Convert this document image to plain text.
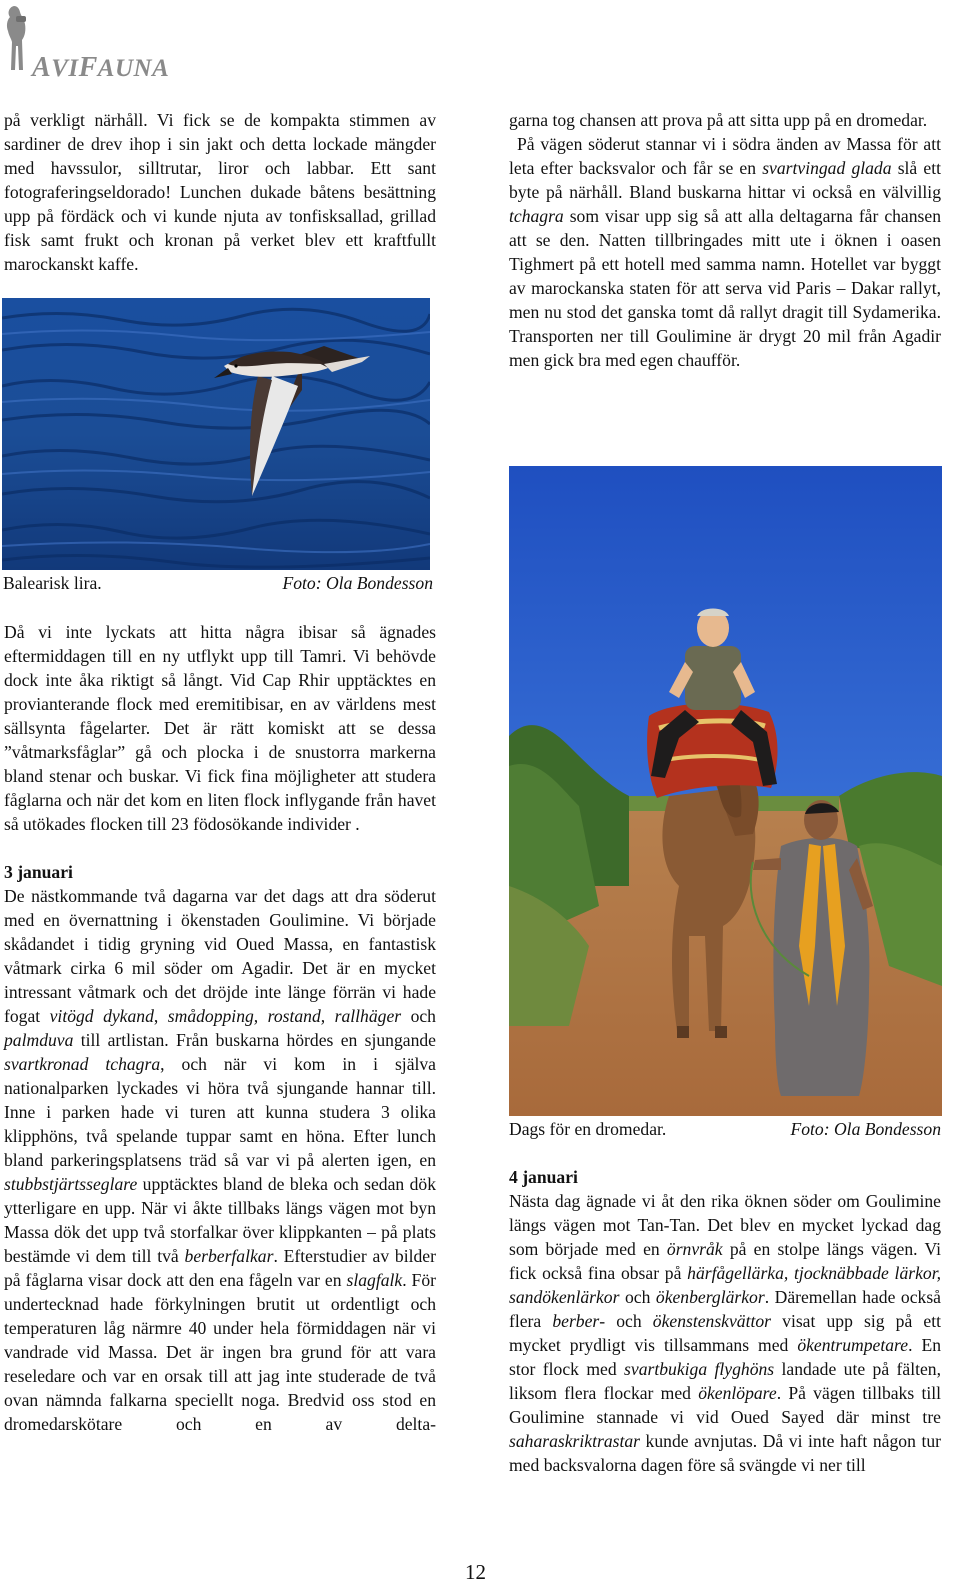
AVIFAUNA

på verkligt närhåll. Vi fick se de kompakta stimmen av sardiner de drev ihop i sin jakt och detta lockade mängder med havssulor, silltrutar, liror och labbar. Ett sant fotograferingseldorado! Lunchen dukade båtens besättning upp på fördäck och vi kunde njuta av tonfisksallad, grillad fisk samt frukt och kronan på verket blev ett kraftfullt marockanskt kaffe.

Balearisk lira.	Foto: Ola Bondesson

Då vi inte lyckats att hitta några ibisar så ägnades eftermiddagen till en ny utflykt upp till Tamri. Vi behövde dock inte åka riktigt så långt. Vid Cap Rhir upptäcktes en provianterande flock med eremitibisar, en av världens mest sällsynta fågelarter. Det är rätt komiskt att se dessa ”våtmarksfåglar” gå och plocka i de snustorra markerna bland stenar och buskar. Vi fick fina möjligheter att studera fåglarna och när det kom en liten flock inflygande från havet så utökades flocken till 23 födosökande individer .

3 januari

De nästkommande två dagarna var det dags att dra söderut med en övernattning i ökenstaden Goulimine. Vi började skådandet i tidig gryning vid Oued Massa, en fantastisk våtmark cirka 6 mil söder om Agadir. Det är en mycket intressant våtmark och det dröjde inte länge förrän vi hade fogat vitögd dykand, smådopping, rostand, rallhäger och palmduva till artlistan. Från buskarna hördes en sjungande svartkronad tchagra, och när vi kom in i själva nationalparken lyckades vi höra två sjungande hannar till. Inne i parken hade vi turen att kunna studera 3 olika klipphöns, två spelande tuppar samt en höna. Efter lunch bland parkeringsplatsens träd så var vi på alerten igen, en stubbstjärtsseglare upptäcktes bland de bleka och sedan dök ytterligare en upp. När vi åkte tillbaks längs vägen mot byn Massa dök det upp två storfalkar över klippkanten – på plats bestämde vi dem till två berberfalkar. Efterstudier av bilder på fåglarna visar dock att den ena fågeln var en slagfalk. För undertecknad hade förkylningen brutit ut ordentligt och temperaturen låg närmre 40 under hela förmiddagen när vi vandrade vid Massa. Det är ingen bra grund för att vara reseledare och var en orsak till att jag inte studerade de två ovan nämnda falkarna speciellt noga. Bredvid oss stod en dromedarskötare och en av delta-

garna tog chansen att prova på att sitta upp på en dromedar.

På vägen söderut stannar vi i södra änden av Massa för att leta efter backsvalor och får se en svartvingad glada slå ett byte på närhåll. Bland buskarna hittar vi också en välvillig tchagra som visar upp sig så att alla deltagarna får chansen att se den. Natten tillbringades mitt ute i öknen i oasen Tighmert på ett hotell med samma namn. Hotellet var byggt av marockanska staten för att serva vid Paris – Dakar rallyt, men nu stod det ganska tomt då rallyt dragit till Sydamerika. Transporten ner till Goulimine är drygt 20 mil från Agadir men gick bra med egen chaufför.

Dags för en dromedar.	Foto: Ola Bondesson
4 januari

Nästa dag ägnade vi åt den rika öknen söder om Goulimine längs vägen mot Tan-Tan. Det blev en mycket lyckad dag som började med en örnvråk på en stolpe längs vägen. Vi fick också fina obsar på härfågellärka, tjocknäbbade lärkor, sandökenlärkor och ökenberglärkor. Däremellan hade också flera berber- och ökenstenskvättor visat upp sig på ett mycket prydligt vis tillsammans med ökentrumpetare. En stor flock med svartbukiga flyghöns landade ute på fälten, liksom flera flockar med ökenlöpare. På vägen tillbaks till Goulimine stannade vi vid Oued Sayed där minst tre saharaskriktrastar kunde avnjutas. Då vi inte haft någon tur med backsvalorna dagen före så svängde vi ner till

12
